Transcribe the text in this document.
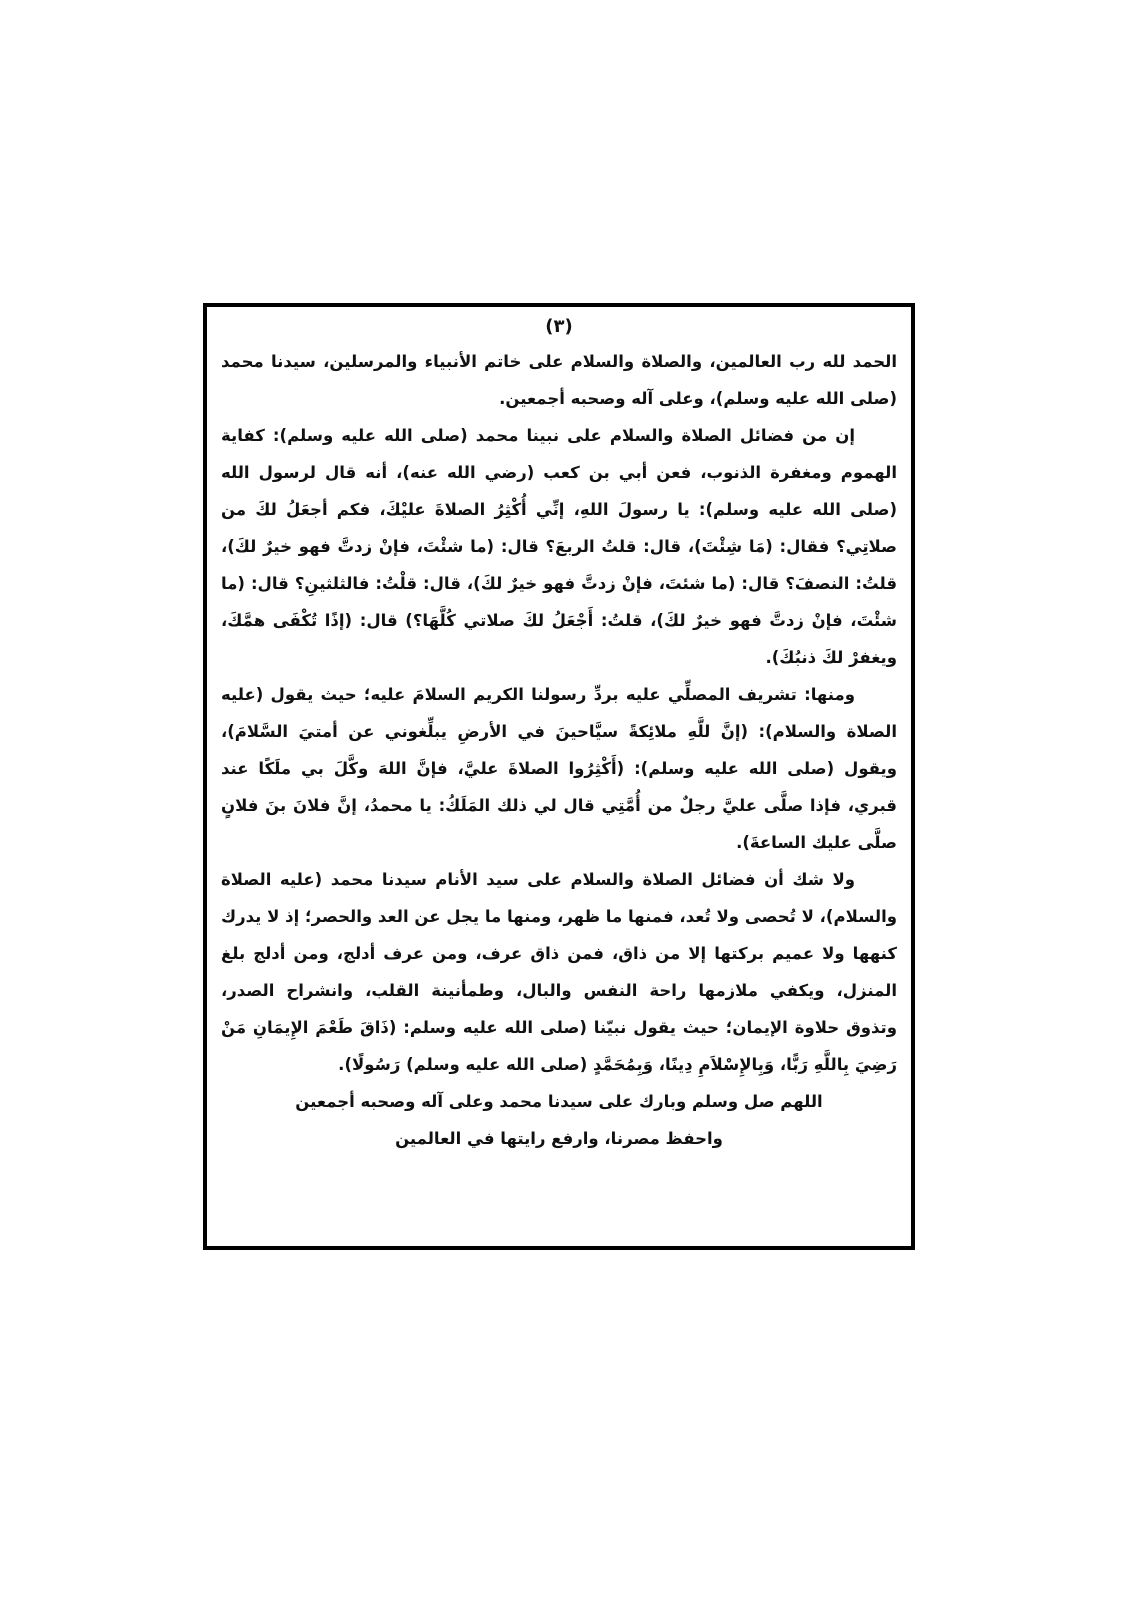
(٣)

الحمد لله رب العالمين، والصلاة والسلام على خاتم الأنبياء والمرسلين، سيدنا محمد (صلى الله عليه وسلم)، وعلى آله وصحبه أجمعين.

إن من فضائل الصلاة والسلام على نبينا محمد (صلى الله عليه وسلم): كفاية الهموم ومغفرة الذنوب، فعن أبي بن كعب (رضي الله عنه)، أنه قال لرسول الله (صلى الله عليه وسلم): يا رسولَ اللهِ، إنِّي أُكْثِرُ الصلاةَ عليْكَ، فكم أجعَلُ لكَ من صلاتِي؟ فقال: (مَا شِئْتَ)، قال: قلتُ الربعَ؟ قال: (ما شئْتَ، فإنْ زدتَّ فهو خيرٌ لكَ)، قلتُ: النصفَ؟ قال: (ما شئتَ، فإنْ زدتَّ فهو خيرٌ لكَ)، قال: قلْتُ: فالثلثينِ؟ قال: (ما شئْتَ، فإنْ زدتَّ فهو خيرٌ لكَ)، قلتُ: أَجْعَلُ لكَ صلاتي كُلَّهَا؟) قال: (إذًا تُكْفَى همَّكَ، ويغفرْ لكَ ذنبُكَ).

ومنها: تشريف المصلِّي عليه بردِّ رسولنا الكريم السلامَ عليه؛ حيث يقول (عليه الصلاة والسلام): (إنَّ للَّهِ ملائِكةً سيَّاحينَ في الأرضِ يبلِّغوني عن أمتيَ السَّلامَ)، ويقول (صلى الله عليه وسلم): (أَكْثِرُوا الصلاةَ عليَّ، فإنَّ اللهَ وكَّلَ بي ملَكًا عند قبري، فإذا صلَّى عليَّ رجلٌ من أُمَّتِي قال لي ذلك المَلَكُ: يا محمدُ، إنَّ فلانَ بنَ فلانٍ صلَّى عليك الساعةَ).

ولا شك أن فضائل الصلاة والسلام على سيد الأنام سيدنا محمد (عليه الصلاة والسلام)، لا تُحصى ولا تُعد، فمنها ما ظهر، ومنها ما يجل عن العد والحصر؛ إذ لا يدرك كنهها ولا عميم بركتها إلا من ذاق، فمن ذاق عرف، ومن عرف أدلج، ومن أدلج بلغ المنزل، ويكفي ملازمها راحة النفس والبال، وطمأنينة القلب، وانشراح الصدر، وتذوق حلاوة الإيمان؛ حيث يقول نبيّنا (صلى الله عليه وسلم: (ذَاقَ طَعْمَ الإِيمَانِ مَنْ رَضِيَ بِاللَّهِ رَبًّا، وَبِالإِسْلاَمِ دِينًا، وَبِمُحَمَّدٍ (صلى الله عليه وسلم) رَسُولًا).

اللهم صل وسلم وبارك على سيدنا محمد وعلى آله وصحبه أجمعين

واحفظ مصرنا، وارفع رايتها في العالمين
